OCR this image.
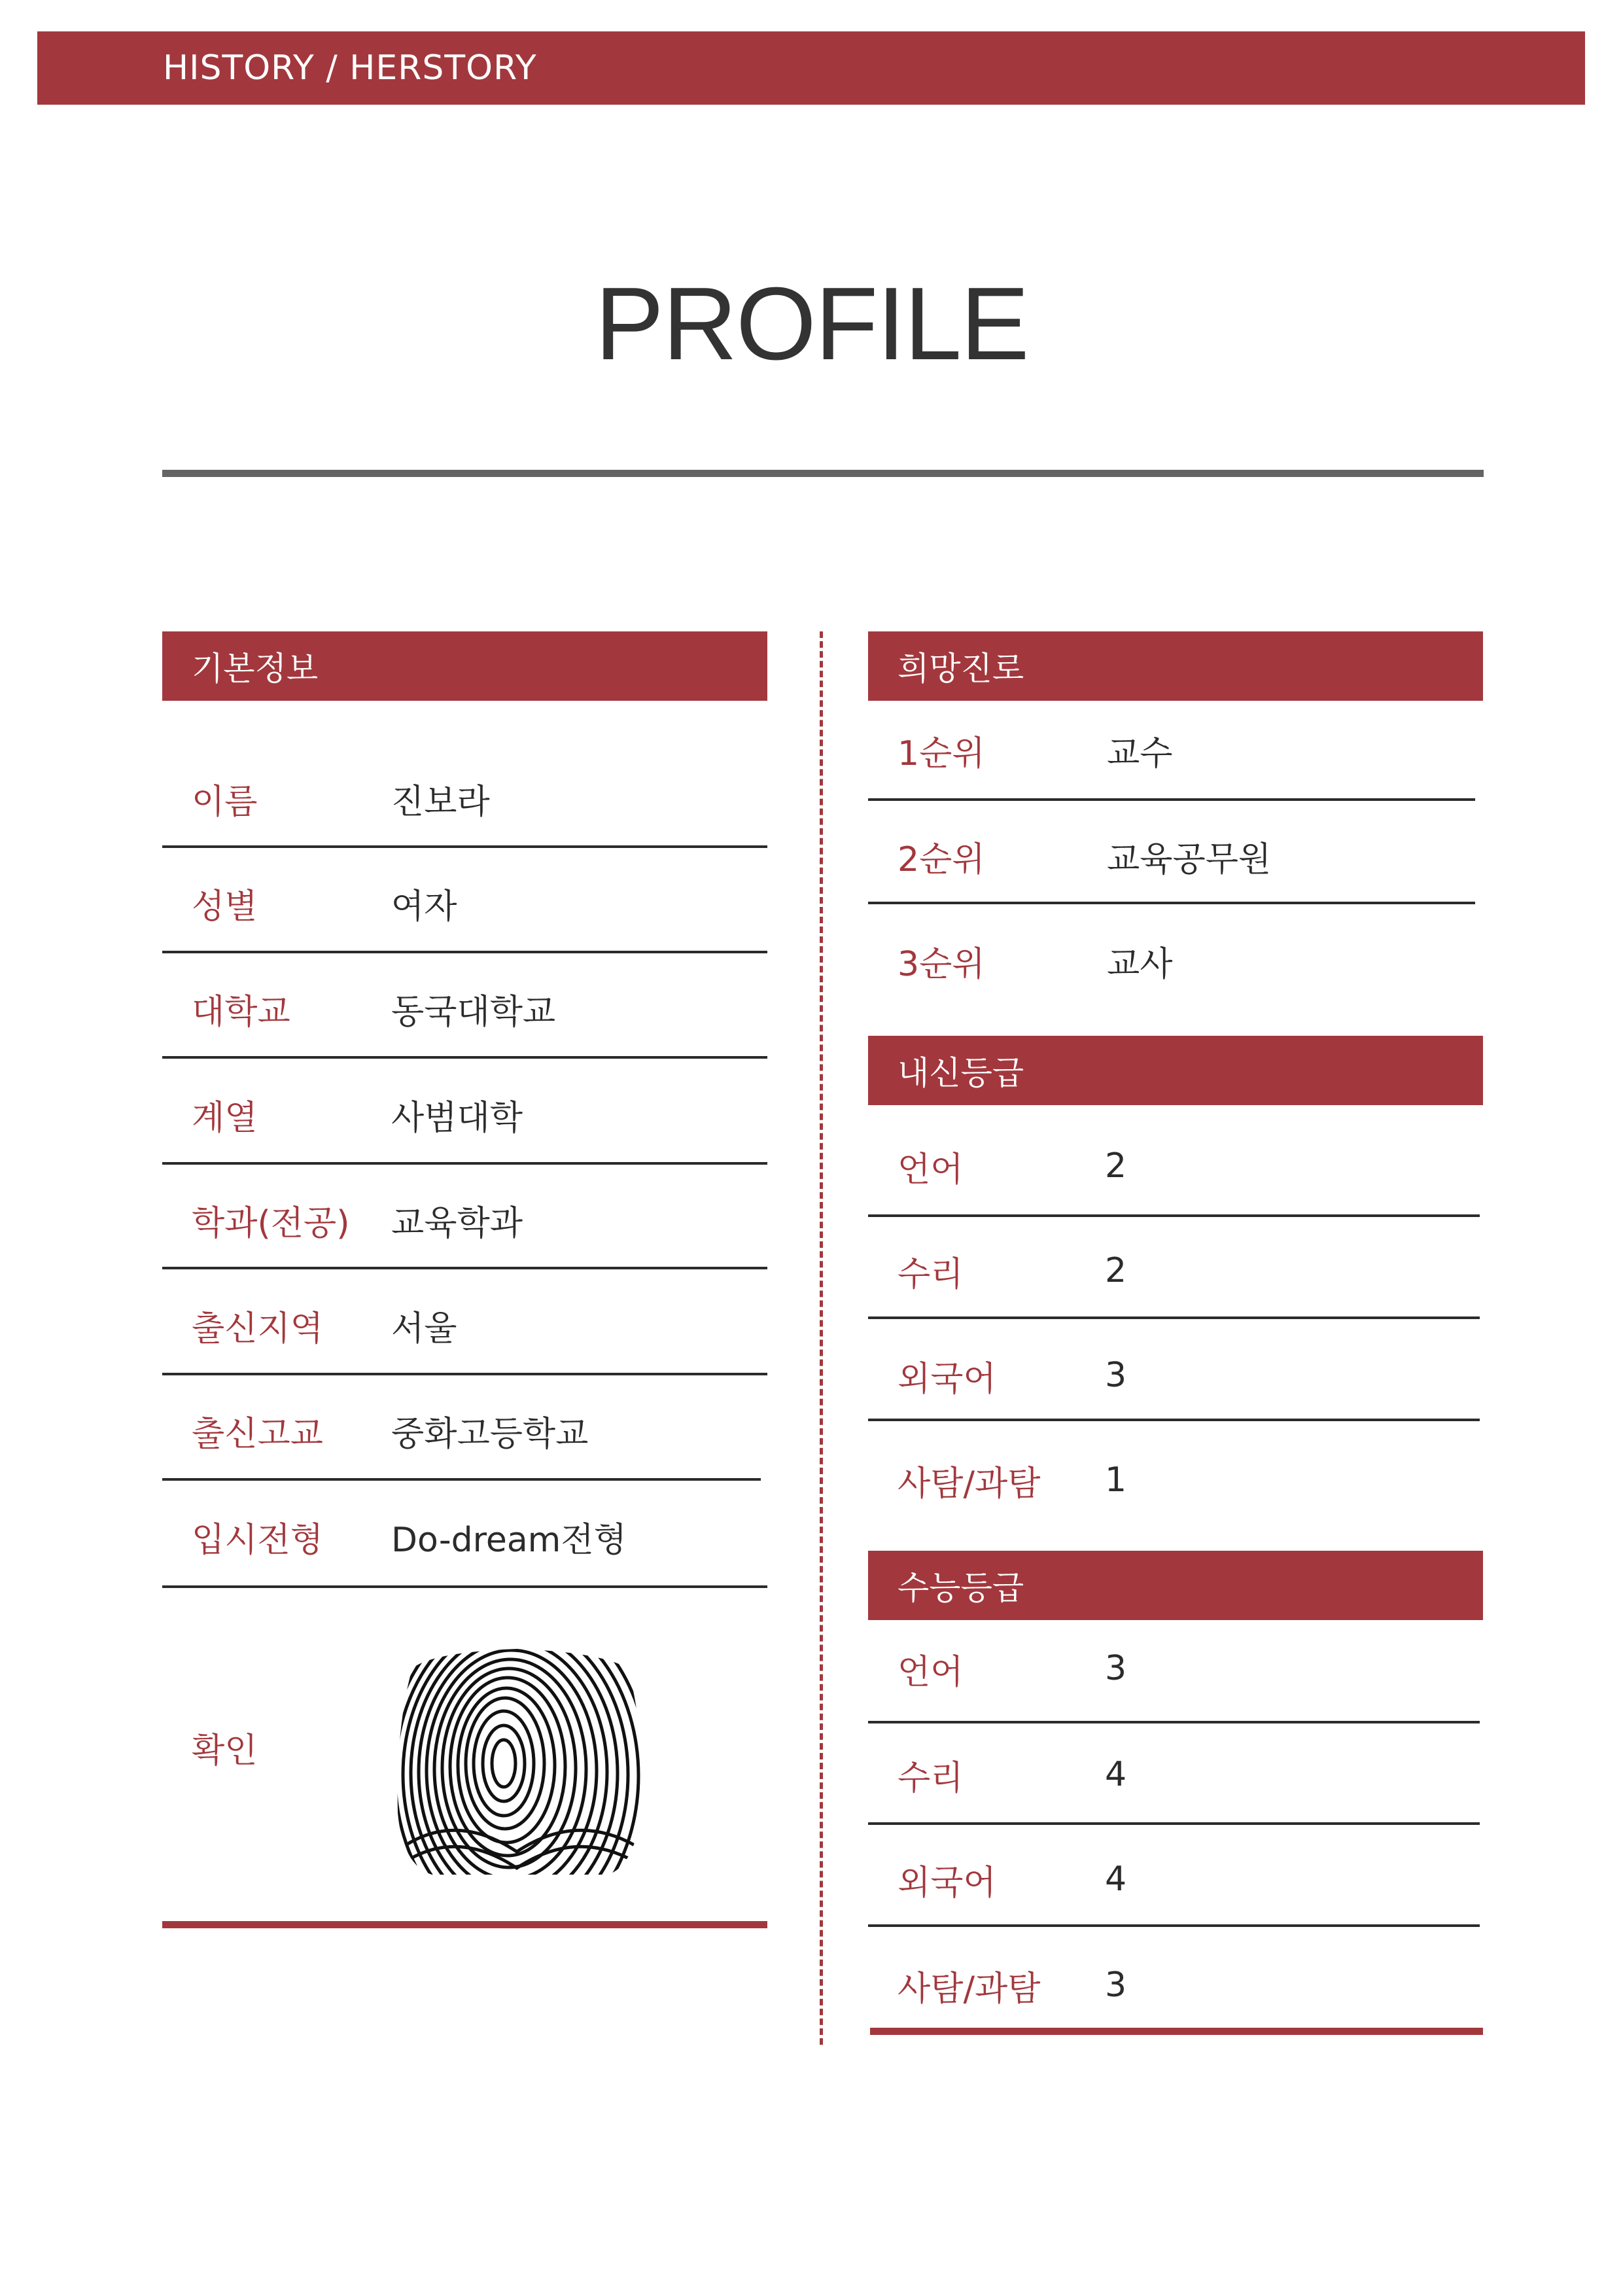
HISTORY / HERSTORY
PROFILE
기본정보
이름	진보라
성별	여자
대학교	동국대학교
계열	사범대학
학과(전공) 교육학과
출신지역 서울
출신고교 중화고등학교
입시전형 Do-dream전형
확인
희망진로
1순위	교수
2순위	교육공무원
3순위	교사
내신등급
언어	2
수리	2
외국어	3
사탐/과탐 1
수능등급
언어	3
수리	4
외국어	4
사탐/과탐 3
